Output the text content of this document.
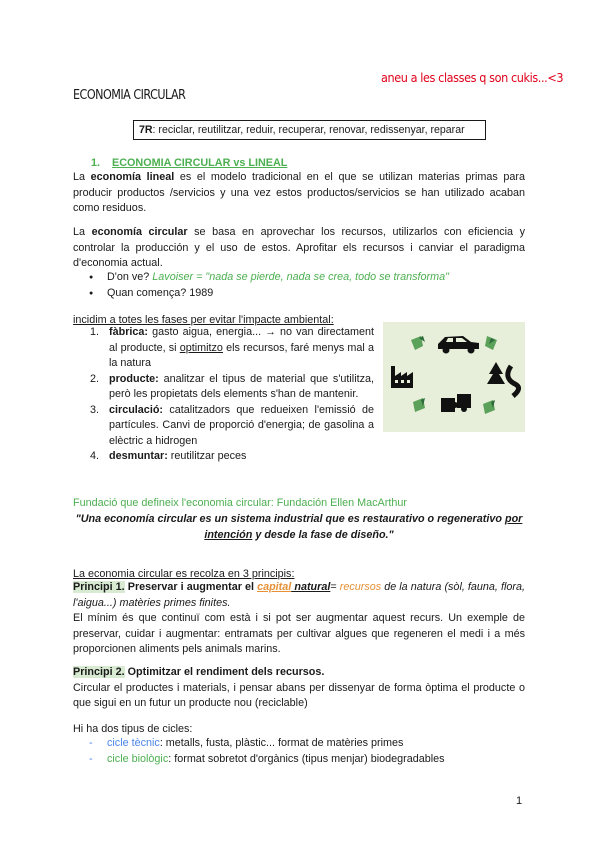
aneu a les classes q son cukis...<3
ECONOMIA CIRCULAR
7R: reciclar, reutilitzar, reduir, recuperar, renovar, redissenyar, reparar
1. ECONOMIA CIRCULAR vs LINEAL
La economía lineal es el modelo tradicional en el que se utilizan materias primas para producir productos /servicios y una vez estos productos/servicios se han utilizado acaban como residuos.
La economía circular se basa en aprovechar los recursos, utilizarlos con eficiencia y controlar la producción y el uso de estos. Aprofitar els recursos i canviar el paradigma d'economia actual.
● D'on ve? Lavoiser = "nada se pierde, nada se crea, todo se transforma"
● Quan comença? 1989
incidim a totes les fases per evitar l'impacte ambiental:
1. fàbrica: gasto aigua, energia... → no van directament al producte, si optimitzo els recursos, faré menys mal a la natura
2. producte: analitzar el tipus de material que s'utilitza, però les propietats dels elements s'han de mantenir.
3. circulació: catalitzadors que redueixen l'emissió de partícules. Canvi de proporció d'energia; de gasolina a elèctric a hidrogen
4. desmuntar: reutilitzar peces
Fundació que defineix l'economia circular: Fundación Ellen MacArthur
"Una economía circular es un sistema industrial que es restaurativo o regenerativo por intención y desde la fase de diseño."
La economia circular es recolza en 3 principis:
Principi 1. Preservar i augmentar el capital natural= recursos de la natura (sòl, fauna, flora, l'aigua...) matèries primes finites.
El mínim és que continuï com està i si pot ser augmentar aquest recurs. Un exemple de preservar, cuidar i augmentar: entramats per cultivar algues que regeneren el medi i a més proporcionen aliments pels animals marins.
Principi 2. Optimitzar el rendiment dels recursos.
Circular el productes i materials, i pensar abans per dissenyar de forma òptima el producte o que sigui en un futur un producte nou (reciclable)
Hi ha dos tipus de cicles:
- cicle tècnic: metalls, fusta, plàstic... format de matèries primes
- cicle biològic: format sobretot d'orgànics (tipus menjar) biodegradables
1
